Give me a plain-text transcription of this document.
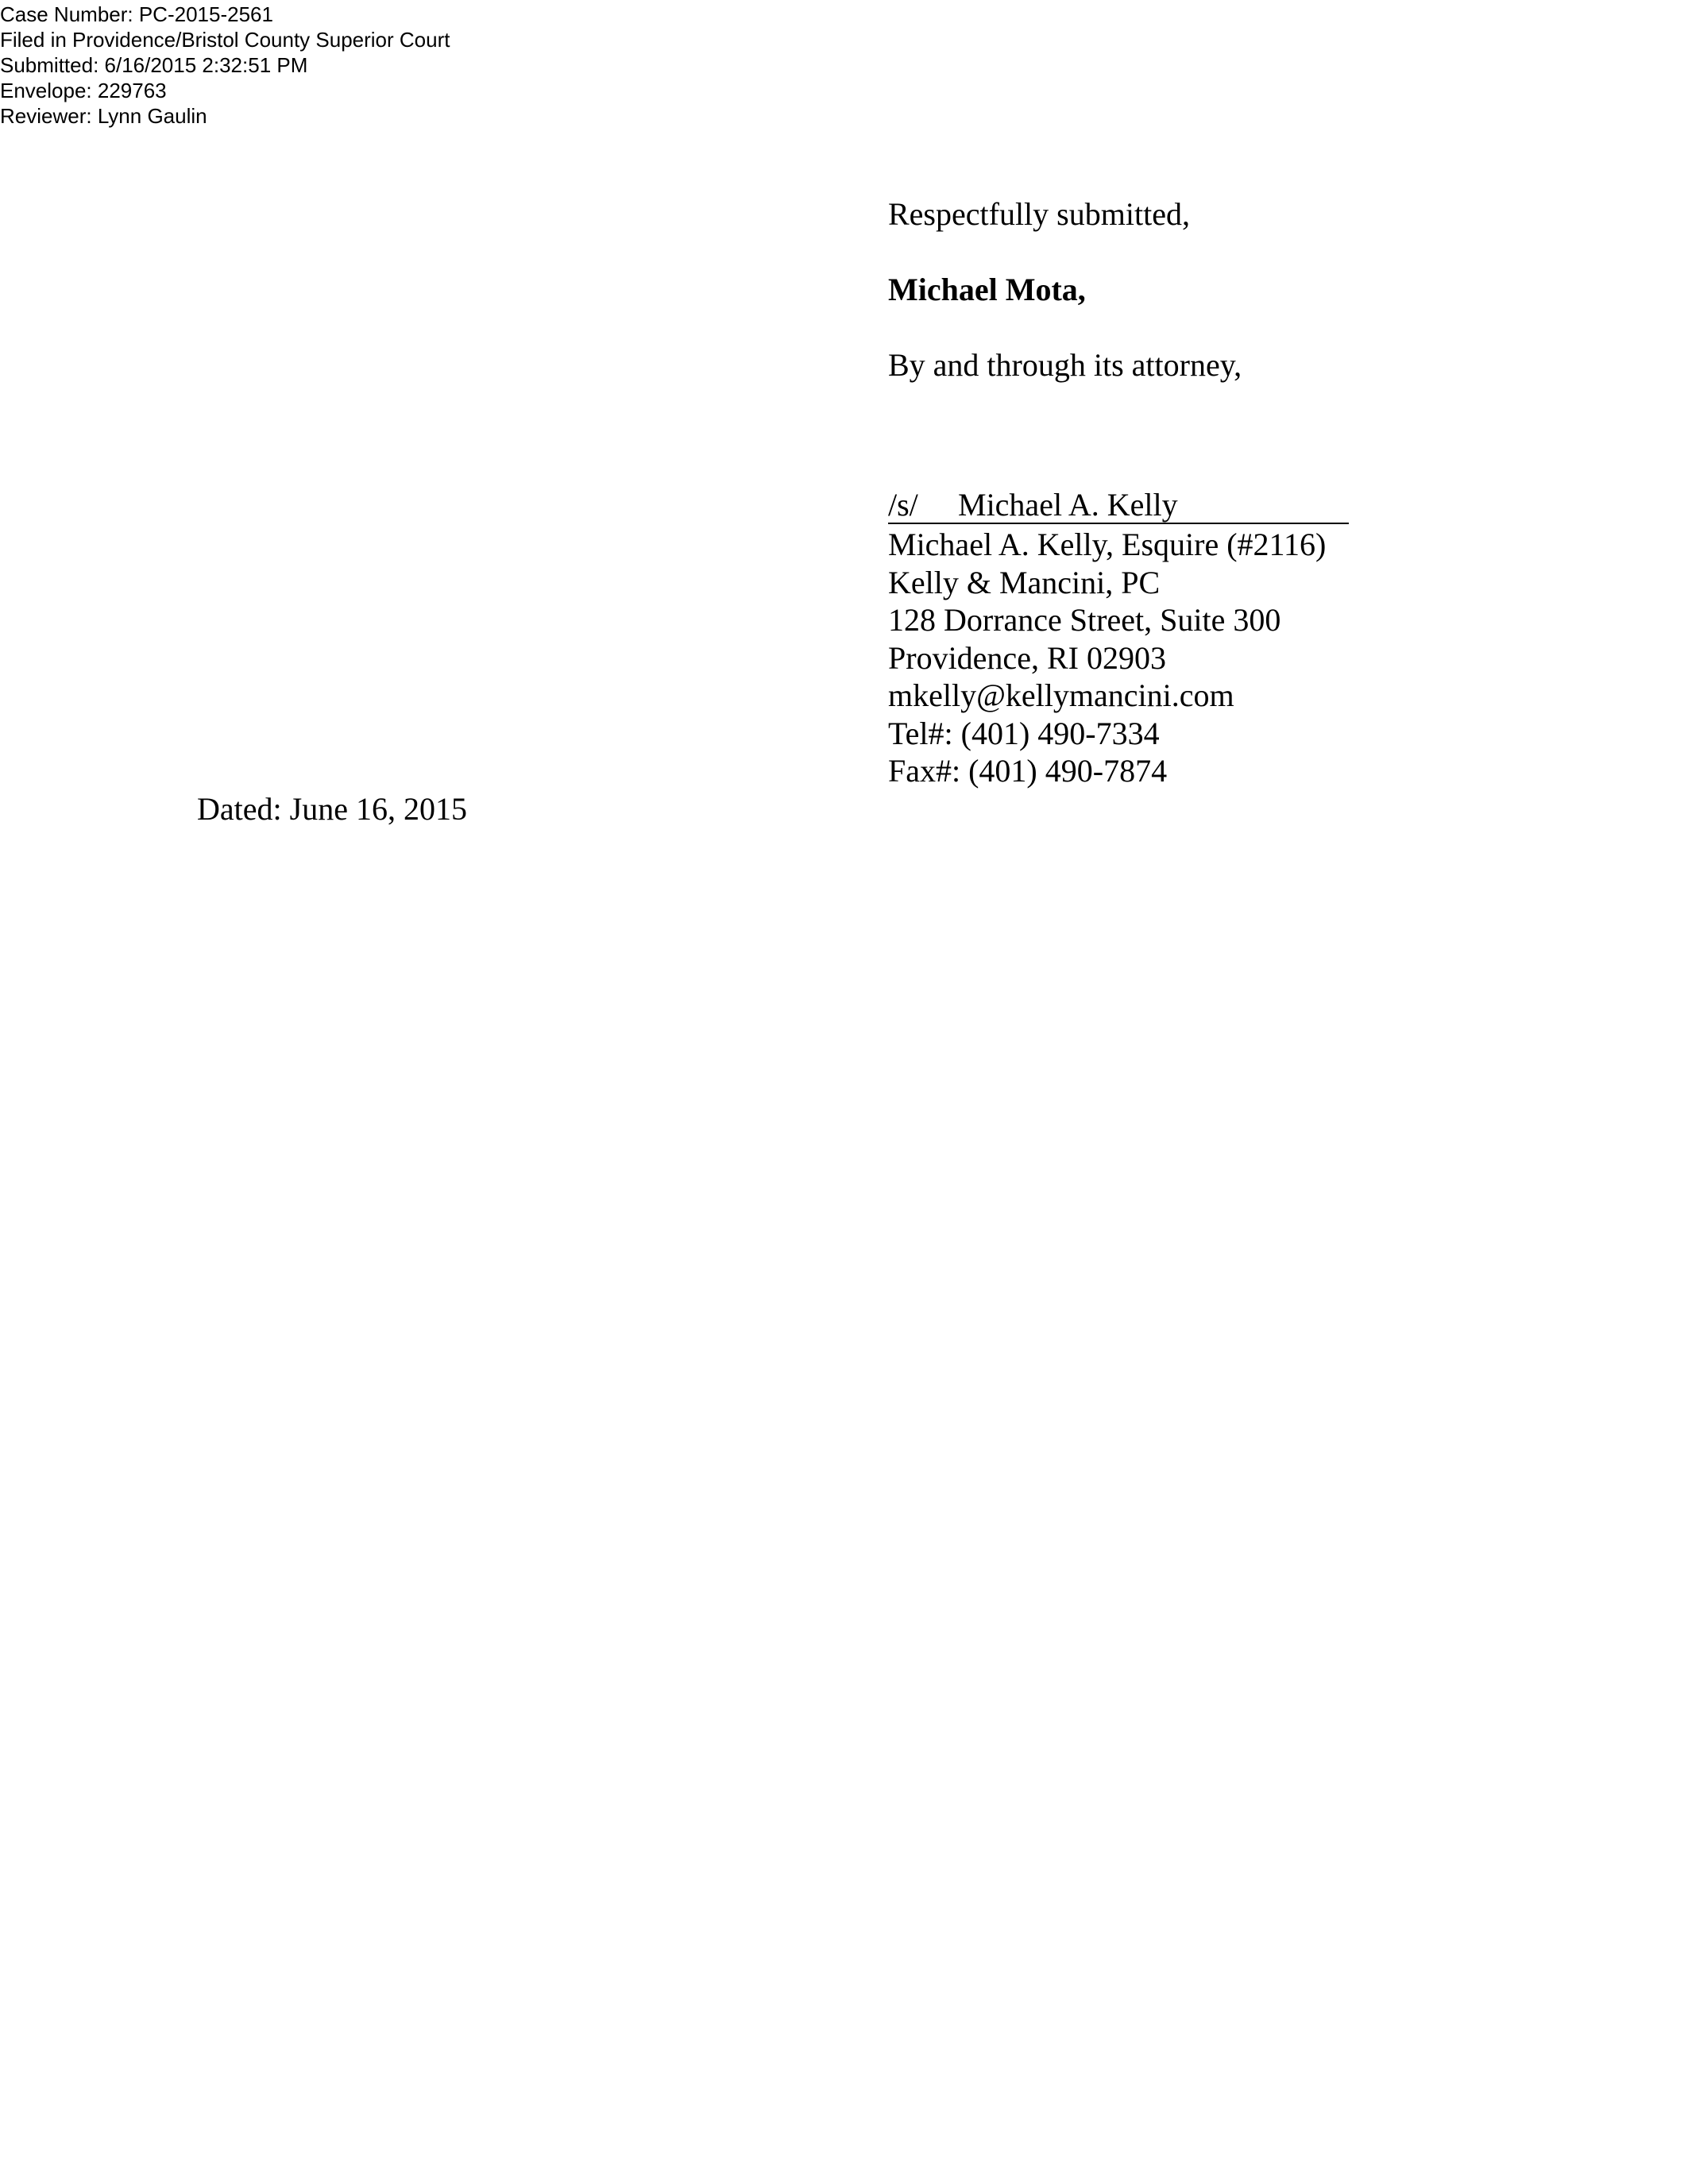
Case Number: PC-2015-2561
Filed in Providence/Bristol County Superior Court
Submitted: 6/16/2015 2:32:51 PM
Envelope: 229763
Reviewer: Lynn Gaulin
Respectfully submitted,
Michael Mota,
By and through its attorney,
/s/ Michael A. Kelly
Michael A. Kelly, Esquire (#2116)
Kelly & Mancini, PC
128 Dorrance Street, Suite 300
Providence, RI 02903
mkelly@kellymancini.com
Tel#: (401) 490-7334
Fax#: (401) 490-7874
Dated: June 16, 2015
